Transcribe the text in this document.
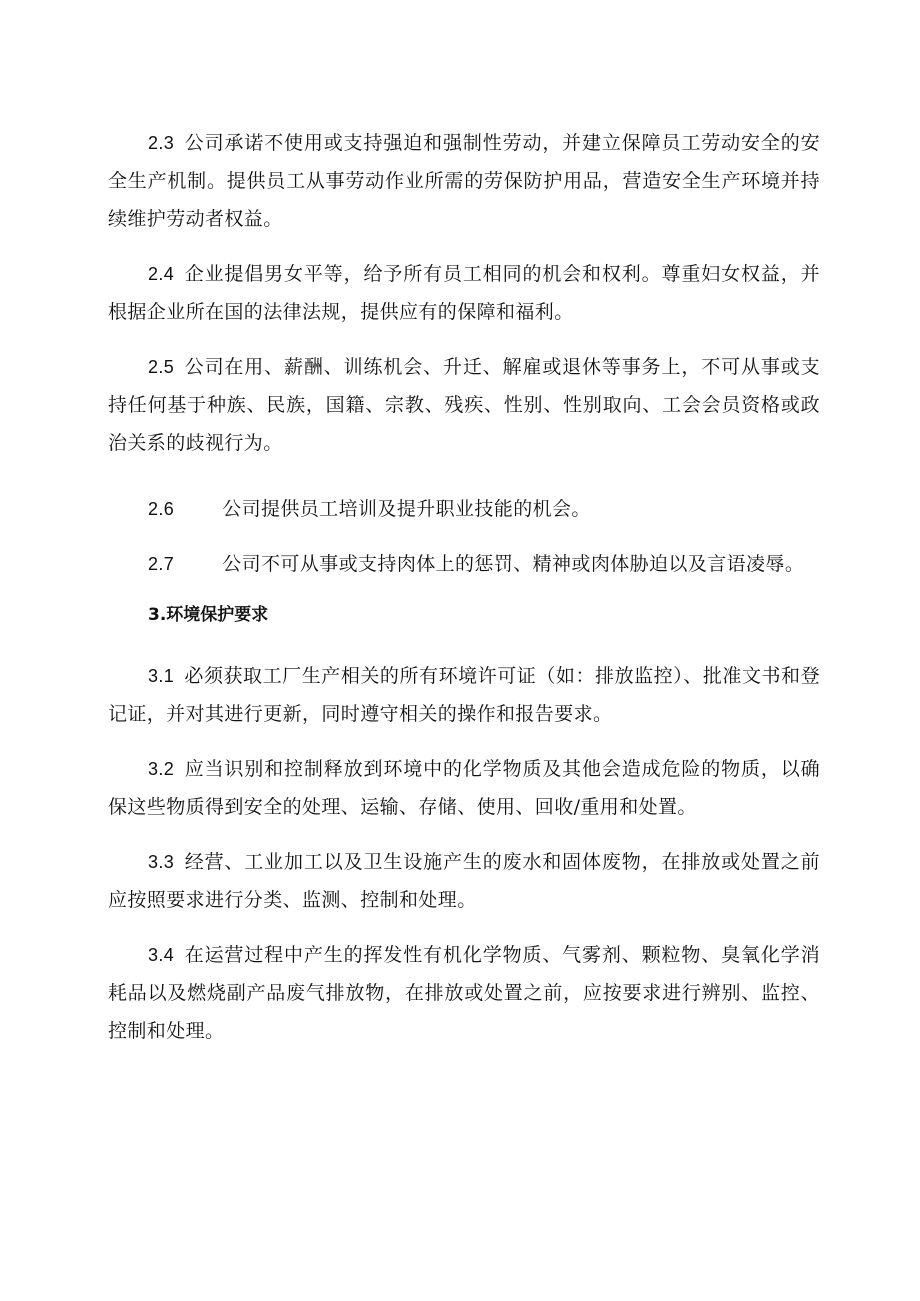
2.3 公司承诺不使用或支持强迫和强制性劳动，并建立保障员工劳动安全的安全生产机制。提供员工从事劳动作业所需的劳保防护用品，营造安全生产环境并持续维护劳动者权益。

2.4 企业提倡男女平等，给予所有员工相同的机会和权利。尊重妇女权益，并根据企业所在国的法律法规，提供应有的保障和福利。

2.5 公司在用、薪酬、训练机会、升迁、解雇或退休等事务上，不可从事或支持任何基于种族、民族，国籍、宗教、残疾、性别、性别取向、工会会员资格或政治关系的歧视行为。

2.6	公司提供员工培训及提升职业技能的机会。

2.7	公司不可从事或支持肉体上的惩罚、精神或肉体胁迫以及言语凌辱。

3.环境保护要求

3.1 必须获取工厂生产相关的所有环境许可证（如：排放监控）、批准文书和登记证，并对其进行更新，同时遵守相关的操作和报告要求。

3.2 应当识别和控制释放到环境中的化学物质及其他会造成危险的物质，以确保这些物质得到安全的处理、运输、存储、使用、回收/重用和处置。

3.3 经营、工业加工以及卫生设施产生的废水和固体废物，在排放或处置之前应按照要求进行分类、监测、控制和处理。

3.4 在运营过程中产生的挥发性有机化学物质、气雾剂、颗粒物、臭氧化学消耗品以及燃烧副产品废气排放物，在排放或处置之前，应按要求进行辨别、监控、控制和处理。
